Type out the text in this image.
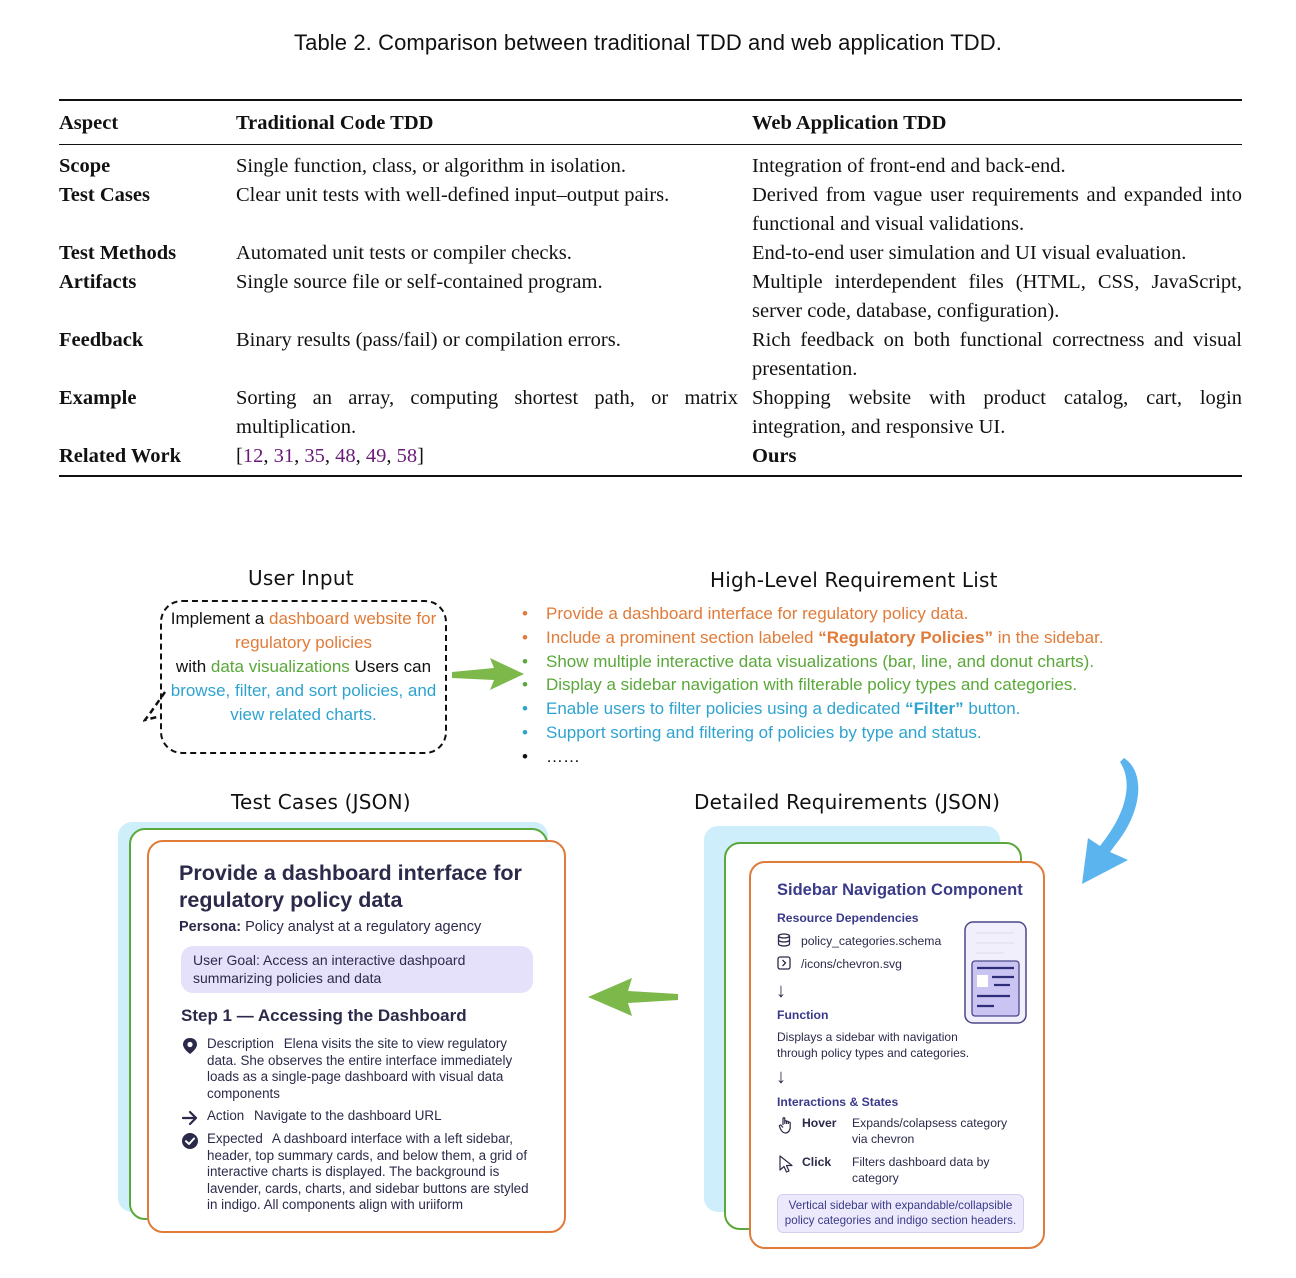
Table 2. Comparison between traditional TDD and web application TDD.
Aspect	Traditional Code TDD	Web Application TDD
Scope	Single function, class, or algorithm in isolation.	Integration of front-end and back-end.
Test Cases	Clear unit tests with well-defined input–output pairs.	Derived from vague user requirements and expanded into functional and visual validations.
Test Methods	Automated unit tests or compiler checks.	End-to-end user simulation and UI visual evaluation.
Artifacts	Single source file or self-contained program.	Multiple interdependent files (HTML, CSS, JavaScript, server code, database, configuration).
Feedback	Binary results (pass/fail) or compilation errors.	Rich feedback on both functional correctness and visual presentation.
Example	Sorting an array, computing shortest path, or matrix multiplication.	Shopping website with product catalog, cart, login integration, and responsive UI.
Related Work	[12, 31, 35, 48, 49, 58]	Ours
User Input
Implement a dashboard website for regulatory policies
with data visualizations Users can browse, filter, and sort policies, and view related charts.
High-Level Requirement List
• Provide a dashboard interface for regulatory policy data.
• Include a prominent section labeled “Regulatory Policies” in the sidebar.
• Show multiple interactive data visualizations (bar, line, and donut charts).
• Display a sidebar navigation with filterable policy types and categories.
• Enable users to filter policies using a dedicated “Filter” button.
• Support sorting and filtering of policies by type and status.
• ……
Test Cases (JSON)
Provide a dashboard interface for regulatory policy data
Persona: Policy analyst at a regulatory agency
User Goal: Access an interactive dashpoard summarizing policies and data
Step 1 — Accessing the Dashboard
Description Elena visits the site to view regulatory data. She observes the entire interface immediately loads as a single-page dashboard with visual data components
Action Navigate to the dashboard URL
Expected A dashboard interface with a left sidebar, header, top summary cards, and below them, a grid of interactive charts is displayed. The background is lavender, cards, charts, and sidebar buttons are styled in indigo. All components align with uriiform
Detailed Requirements (JSON)
Sidebar Navigation Component
Resource Dependencies
policy_categories.schema
/icons/chevron.svg
↓
Function
Displays a sidebar with navigation through policy types and categories.
↓
Interactions & States
Hover Expands/colapsess category via chevron
Click Filters dashboard data by category
Vertical sidebar with expandable/collapsible policy categories and indigo section headers.
